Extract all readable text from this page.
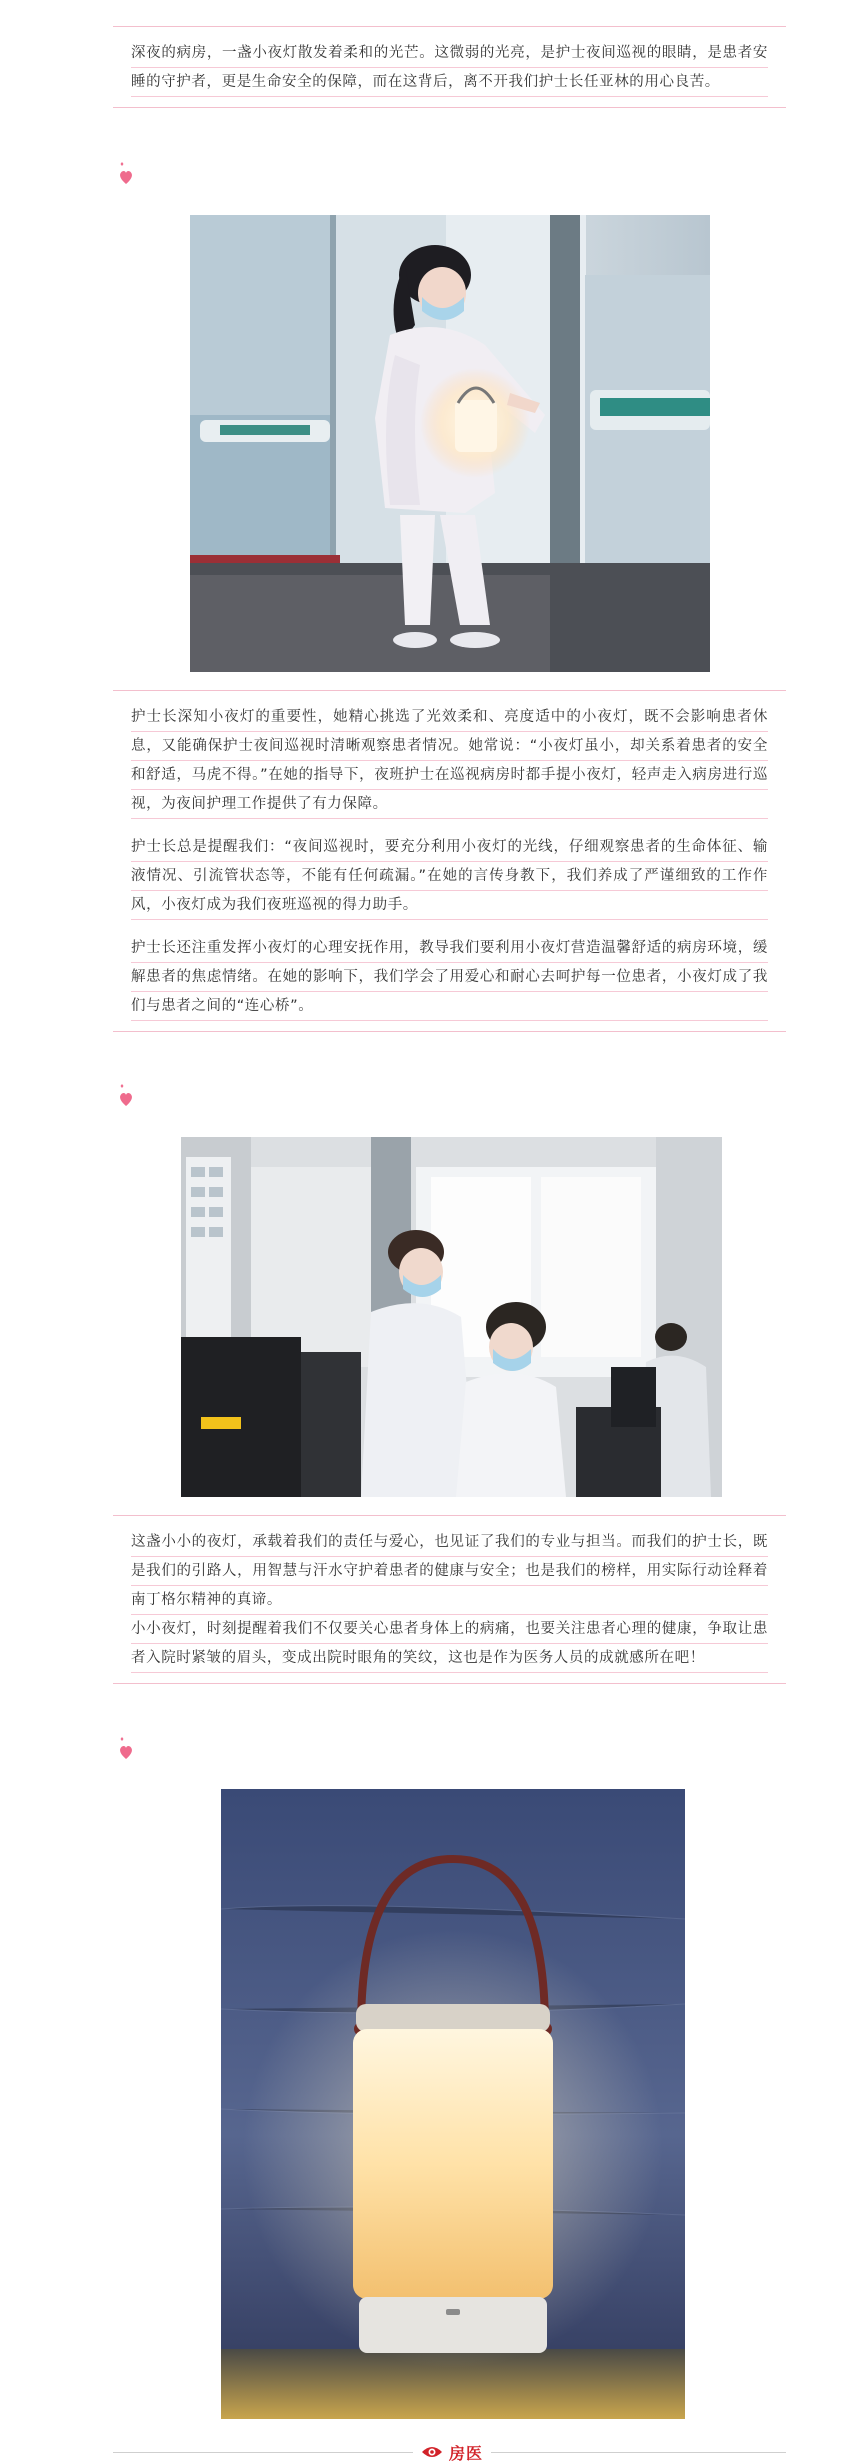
深夜的病房，一盏小夜灯散发着柔和的光芒。这微弱的光亮，是护士夜间巡视的眼睛，是患者安睡的守护者，更是生命安全的保障，而在这背后，离不开我们护士长任亚林的用心良苦。

护士长深知小夜灯的重要性，她精心挑选了光效柔和、亮度适中的小夜灯，既不会影响患者休息，又能确保护士夜间巡视时清晰观察患者情况。她常说：“小夜灯虽小，却关系着患者的安全和舒适，马虎不得。”在她的指导下，夜班护士在巡视病房时都手提小夜灯，轻声走入病房进行巡视，为夜间护理工作提供了有力保障。

护士长总是提醒我们：“夜间巡视时，要充分利用小夜灯的光线，仔细观察患者的生命体征、输液情况、引流管状态等，不能有任何疏漏。”在她的言传身教下，我们养成了严谨细致的工作作风，小夜灯成为我们夜班巡视的得力助手。

护士长还注重发挥小夜灯的心理安抚作用，教导我们要利用小夜灯营造温馨舒适的病房环境，缓解患者的焦虑情绪。在她的影响下，我们学会了用爱心和耐心去呵护每一位患者，小夜灯成了我们与患者之间的“连心桥”。

这盏小小的夜灯，承载着我们的责任与爱心，也见证了我们的专业与担当。而我们的护士长，既是我们的引路人，用智慧与汗水守护着患者的健康与安全；也是我们的榜样，用实际行动诠释着南丁格尔精神的真谛。

小小夜灯，时刻提醒着我们不仅要关心患者身体上的病痛，也要关注患者心理的健康，争取让患者入院时紧皱的眉头，变成出院时眼角的笑纹，这也是作为医务人员的成就感所在吧！

房医
